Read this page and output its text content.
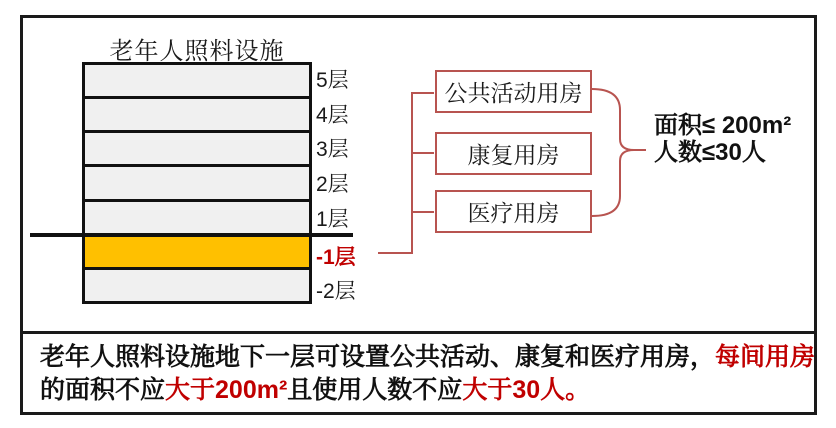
老年人照料设施
5层
4层
3层
2层
1层
-1层
-2层
公共活动用房
康复用房
医疗用房
面积≤ 200m²
人数≤30人
老年人照料设施地下一层可设置公共活动、康复和医疗用房，每间用房
的面积不应大于200m²且使用人数不应大于30人。
